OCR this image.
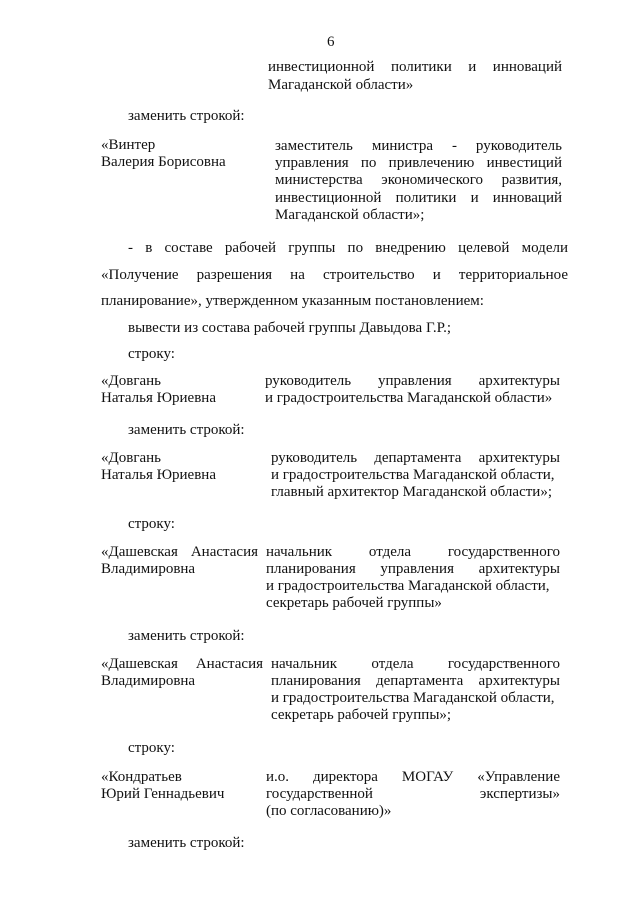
6
инвестиционной политики и инноваций
Магаданской области»
заменить строкой:
«Винтер
Валерия Борисовна
заместитель министра - руководитель
управления по привлечению инвестиций
министерства экономического развития,
инвестиционной политики и инноваций
Магаданской области»;
- в составе рабочей группы по внедрению целевой модели
«Получение разрешения на строительство и территориальное
планирование», утвержденном указанным постановлением:
вывести из состава рабочей группы Давыдова Г.Р.;
строку:
«Довгань
Наталья Юриевна
руководитель управления архитектуры
и градостроительства Магаданской области»
заменить строкой:
«Довгань
Наталья Юриевна
руководитель департамента архитектуры
и градостроительства Магаданской области,
главный архитектор Магаданской области»;
строку:
«Дашевская Анастасия
Владимировна
начальник отдела государственного
планирования управления архитектуры
и градостроительства Магаданской области,
секретарь рабочей группы»
заменить строкой:
«Дашевская Анастасия
Владимировна
начальник отдела государственного
планирования департамента архитектуры
и градостроительства Магаданской области,
секретарь рабочей группы»;
строку:
«Кондратьев
Юрий Геннадьевич
и.о. директора МОГАУ «Управление
государственной экспертизы»
(по согласованию)»
заменить строкой:
